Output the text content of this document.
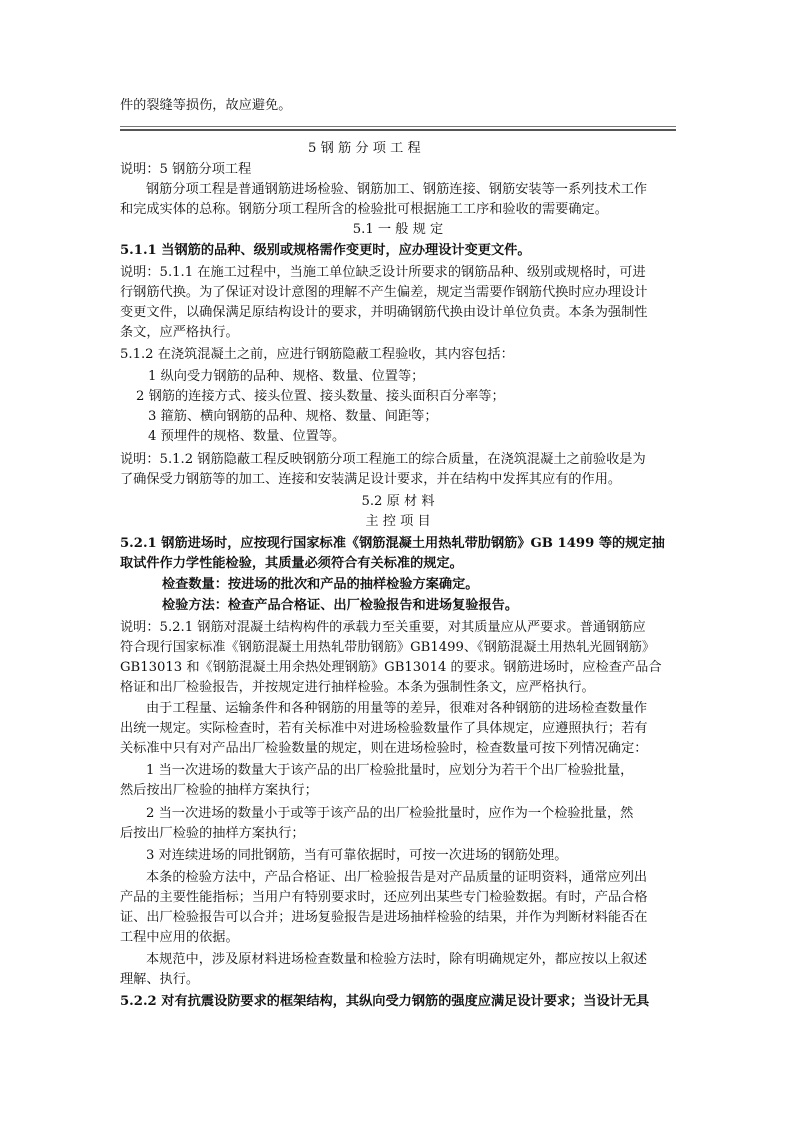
件的裂缝等损伤，故应避免。
5 钢 筋 分 项 工 程
说明：5 钢筋分项工程
钢筋分项工程是普通钢筋进场检验、钢筋加工、钢筋连接、钢筋安装等一系列技术工作
和完成实体的总称。钢筋分项工程所含的检验批可根据施工工序和验收的需要确定。
5.1 一 般 规 定
5.1.1 当钢筋的品种、级别或规格需作变更时，应办理设计变更文件。
说明：5.1.1 在施工过程中，当施工单位缺乏设计所要求的钢筋品种、级别或规格时，可进
行钢筋代换。为了保证对设计意图的理解不产生偏差，规定当需要作钢筋代换时应办理设计
变更文件，以确保满足原结构设计的要求，并明确钢筋代换由设计单位负责。本条为强制性
条文，应严格执行。
5.1.2 在浇筑混凝土之前，应进行钢筋隐蔽工程验收，其内容包括：
1 纵向受力钢筋的品种、规格、数量、位置等；
2 钢筋的连接方式、接头位置、接头数量、接头面积百分率等；
3 箍筋、横向钢筋的品种、规格、数量、间距等；
4 预埋件的规格、数量、位置等。
说明：5.1.2 钢筋隐蔽工程反映钢筋分项工程施工的综合质量，在浇筑混凝土之前验收是为
了确保受力钢筋等的加工、连接和安装满足设计要求，并在结构中发挥其应有的作用。
5.2 原 材 料
主 控 项 目
5.2.1 钢筋进场时，应按现行国家标准《钢筋混凝土用热轧带肋钢筋》GB 1499 等的规定抽
取试件作力学性能检验，其质量必须符合有关标准的规定。
检查数量：按进场的批次和产品的抽样检验方案确定。
检验方法：检查产品合格证、出厂检验报告和进场复验报告。
说明：5.2.1 钢筋对混凝土结构构件的承载力至关重要，对其质量应从严要求。普通钢筋应
符合现行国家标准《钢筋混凝土用热轧带肋钢筋》GB1499、《钢筋混凝土用热轧光圆钢筋》
GB13013 和《钢筋混凝土用余热处理钢筋》GB13014 的要求。钢筋进场时，应检查产品合
格证和出厂检验报告，并按规定进行抽样检验。本条为强制性条文，应严格执行。
由于工程量、运输条件和各种钢筋的用量等的差异，很难对各种钢筋的进场检查数量作
出统一规定。实际检查时，若有关标准中对进场检验数量作了具体规定，应遵照执行；若有
关标准中只有对产品出厂检验数量的规定，则在进场检验时，检查数量可按下列情况确定：
1 当一次进场的数量大于该产品的出厂检验批量时，应划分为若干个出厂检验批量，
然后按出厂检验的抽样方案执行；
2 当一次进场的数量小于或等于该产品的出厂检验批量时，应作为一个检验批量，然
后按出厂检验的抽样方案执行；
3 对连续进场的同批钢筋，当有可靠依据时，可按一次进场的钢筋处理。
本条的检验方法中，产品合格证、出厂检验报告是对产品质量的证明资料，通常应列出
产品的主要性能指标；当用户有特别要求时，还应列出某些专门检验数据。有时，产品合格
证、出厂检验报告可以合并；进场复验报告是进场抽样检验的结果，并作为判断材料能否在
工程中应用的依据。
本规范中，涉及原材料进场检查数量和检验方法时，除有明确规定外，都应按以上叙述
理解、执行。
5.2.2 对有抗震设防要求的框架结构，其纵向受力钢筋的强度应满足设计要求；当设计无具
